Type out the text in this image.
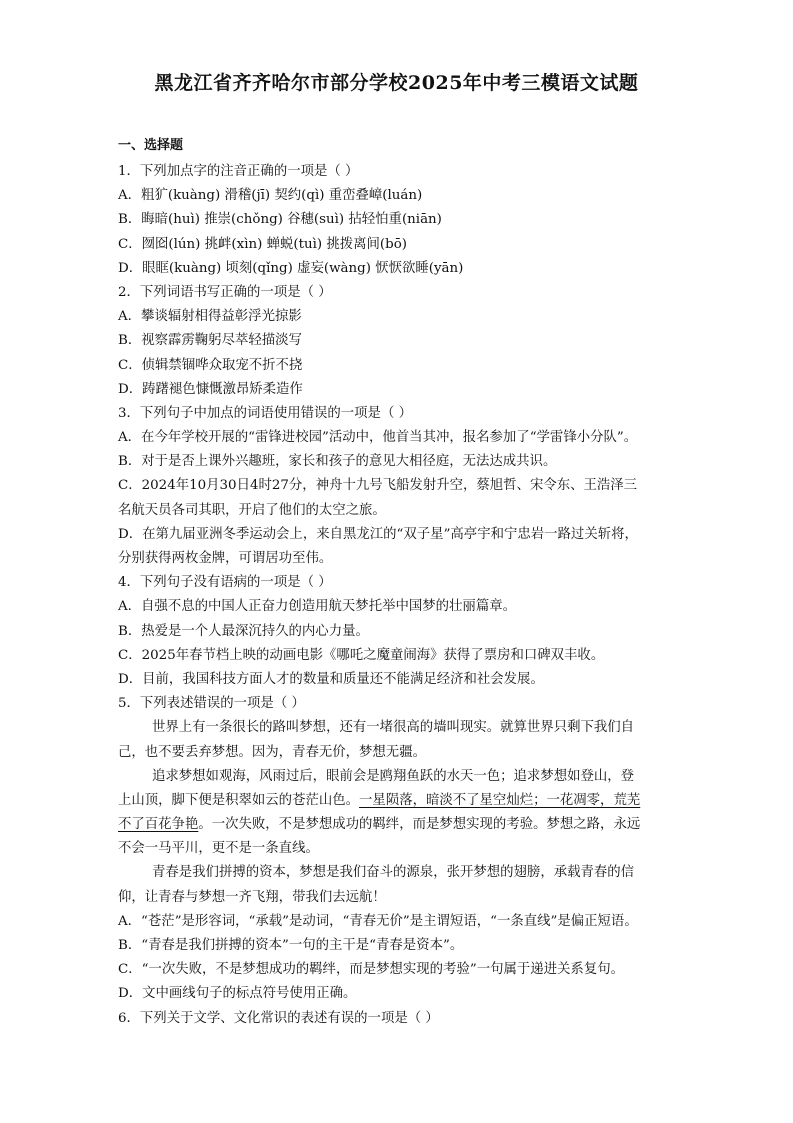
黑龙江省齐齐哈尔市部分学校2025年中考三模语文试题
一、选择题
1．下列加点字的注音正确的一项是（ ）
A．粗犷(kuàng) 滑稽(jī) 契约(qì) 重峦叠嶂(luán)
B．晦暗(huì) 推崇(chǒng) 谷穗(suì) 拈轻怕重(niān)
C．囫囵(lún) 挑衅(xìn) 蝉蜕(tuì) 挑拨离间(bō)
D．眼眶(kuàng) 顷刻(qǐng) 虚妄(wàng) 恹恹欲睡(yān)
2．下列词语书写正确的一项是（ ）
A．攀谈辐射相得益彰浮光掠影
B．视察霹雳鞠躬尽萃轻描淡写
C．侦辑禁锢哗众取宠不折不挠
D．踌躇褪色慷慨激昂矫柔造作
3．下列句子中加点的词语使用错误的一项是（ ）
A．在今年学校开展的“雷锋进校园”活动中，他首当其冲，报名参加了“学雷锋小分队”。
B．对于是否上课外兴趣班，家长和孩子的意见大相径庭，无法达成共识。
C．2024年10月30日4时27分，神舟十九号飞船发射升空，蔡旭哲、宋令东、王浩泽三
名航天员各司其职，开启了他们的太空之旅。
D．在第九届亚洲冬季运动会上，来自黑龙江的“双子星”高亭宇和宁忠岩一路过关斩将，
分别获得两枚金牌，可谓居功至伟。
4．下列句子没有语病的一项是（ ）
A．自强不息的中国人正奋力创造用航天梦托举中国梦的壮丽篇章。
B．热爱是一个人最深沉持久的内心力量。
C．2025年春节档上映的动画电影《哪吒之魔童闹海》获得了票房和口碑双丰收。
D．目前，我国科技方面人才的数量和质量还不能满足经济和社会发展。
5．下列表述错误的一项是（ ）
世界上有一条很长的路叫梦想，还有一堵很高的墙叫现实。就算世界只剩下我们自
己，也不要丢弃梦想。因为，青春无价，梦想无疆。
追求梦想如观海，风雨过后，眼前会是鸥翔鱼跃的水天一色；追求梦想如登山，登
上山顶，脚下便是积翠如云的苍茫山色。一星陨落，暗淡不了星空灿烂；一花凋零，荒芜
不了百花争艳。一次失败，不是梦想成功的羁绊，而是梦想实现的考验。梦想之路，永远
不会一马平川，更不是一条直线。
青春是我们拼搏的资本，梦想是我们奋斗的源泉，张开梦想的翅膀，承载青春的信
仰，让青春与梦想一齐飞翔，带我们去远航！
A．“苍茫”是形容词，“承载”是动词，“青春无价”是主谓短语，“一条直线”是偏正短语。
B．“青春是我们拼搏的资本”一句的主干是“青春是资本”。
C．“一次失败，不是梦想成功的羁绊，而是梦想实现的考验”一句属于递进关系复句。
D．文中画线句子的标点符号使用正确。
6．下列关于文学、文化常识的表述有误的一项是（ ）
